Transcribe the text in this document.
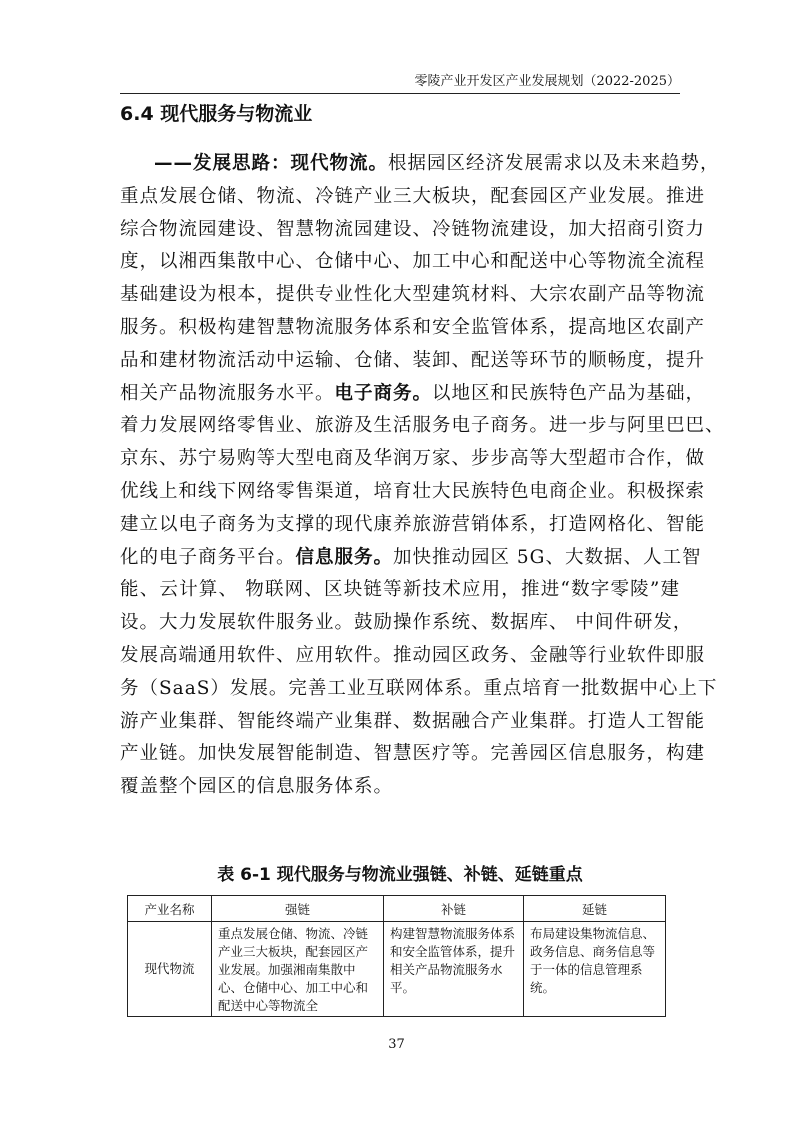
零陵产业开发区产业发展规划（2022-2025）
6.4 现代服务与物流业
——发展思路：现代物流。根据园区经济发展需求以及未来趋势，
重点发展仓储、物流、冷链产业三大板块，配套园区产业发展。推进
综合物流园建设、智慧物流园建设、冷链物流建设，加大招商引资力
度，以湘西集散中心、仓储中心、加工中心和配送中心等物流全流程
基础建设为根本，提供专业性化大型建筑材料、大宗农副产品等物流
服务。积极构建智慧物流服务体系和安全监管体系，提高地区农副产
品和建材物流活动中运输、仓储、装卸、配送等环节的顺畅度，提升
相关产品物流服务水平。电子商务。以地区和民族特色产品为基础，
着力发展网络零售业、旅游及生活服务电子商务。进一步与阿里巴巴、
京东、苏宁易购等大型电商及华润万家、步步高等大型超市合作，做
优线上和线下网络零售渠道，培育壮大民族特色电商企业。积极探索
建立以电子商务为支撑的现代康养旅游营销体系，打造网格化、智能
化的电子商务平台。信息服务。加快推动园区 5G、大数据、人工智
能、云计算、 物联网、区块链等新技术应用，推进“数字零陵”建
设。大力发展软件服务业。鼓励操作系统、数据库、 中间件研发，
发展高端通用软件、应用软件。推动园区政务、金融等行业软件即服
务（SaaS）发展。完善工业互联网体系。重点培育一批数据中心上下
游产业集群、智能终端产业集群、数据融合产业集群。打造人工智能
产业链。加快发展智能制造、智慧医疗等。完善园区信息服务，构建
覆盖整个园区的信息服务体系。
表 6-1 现代服务与物流业强链、补链、延链重点
产业名称	强链	补链	延链
现代物流	重点发展仓储、物流、冷链产业三大板块，配套园区产业发展。加强湘南集散中心、仓储中心、加工中心和配送中心等物流全	构建智慧物流服务体系和安全监管体系，提升相关产品物流服务水平。	布局建设集物流信息、政务信息、商务信息等于一体的信息管理系统。
37
